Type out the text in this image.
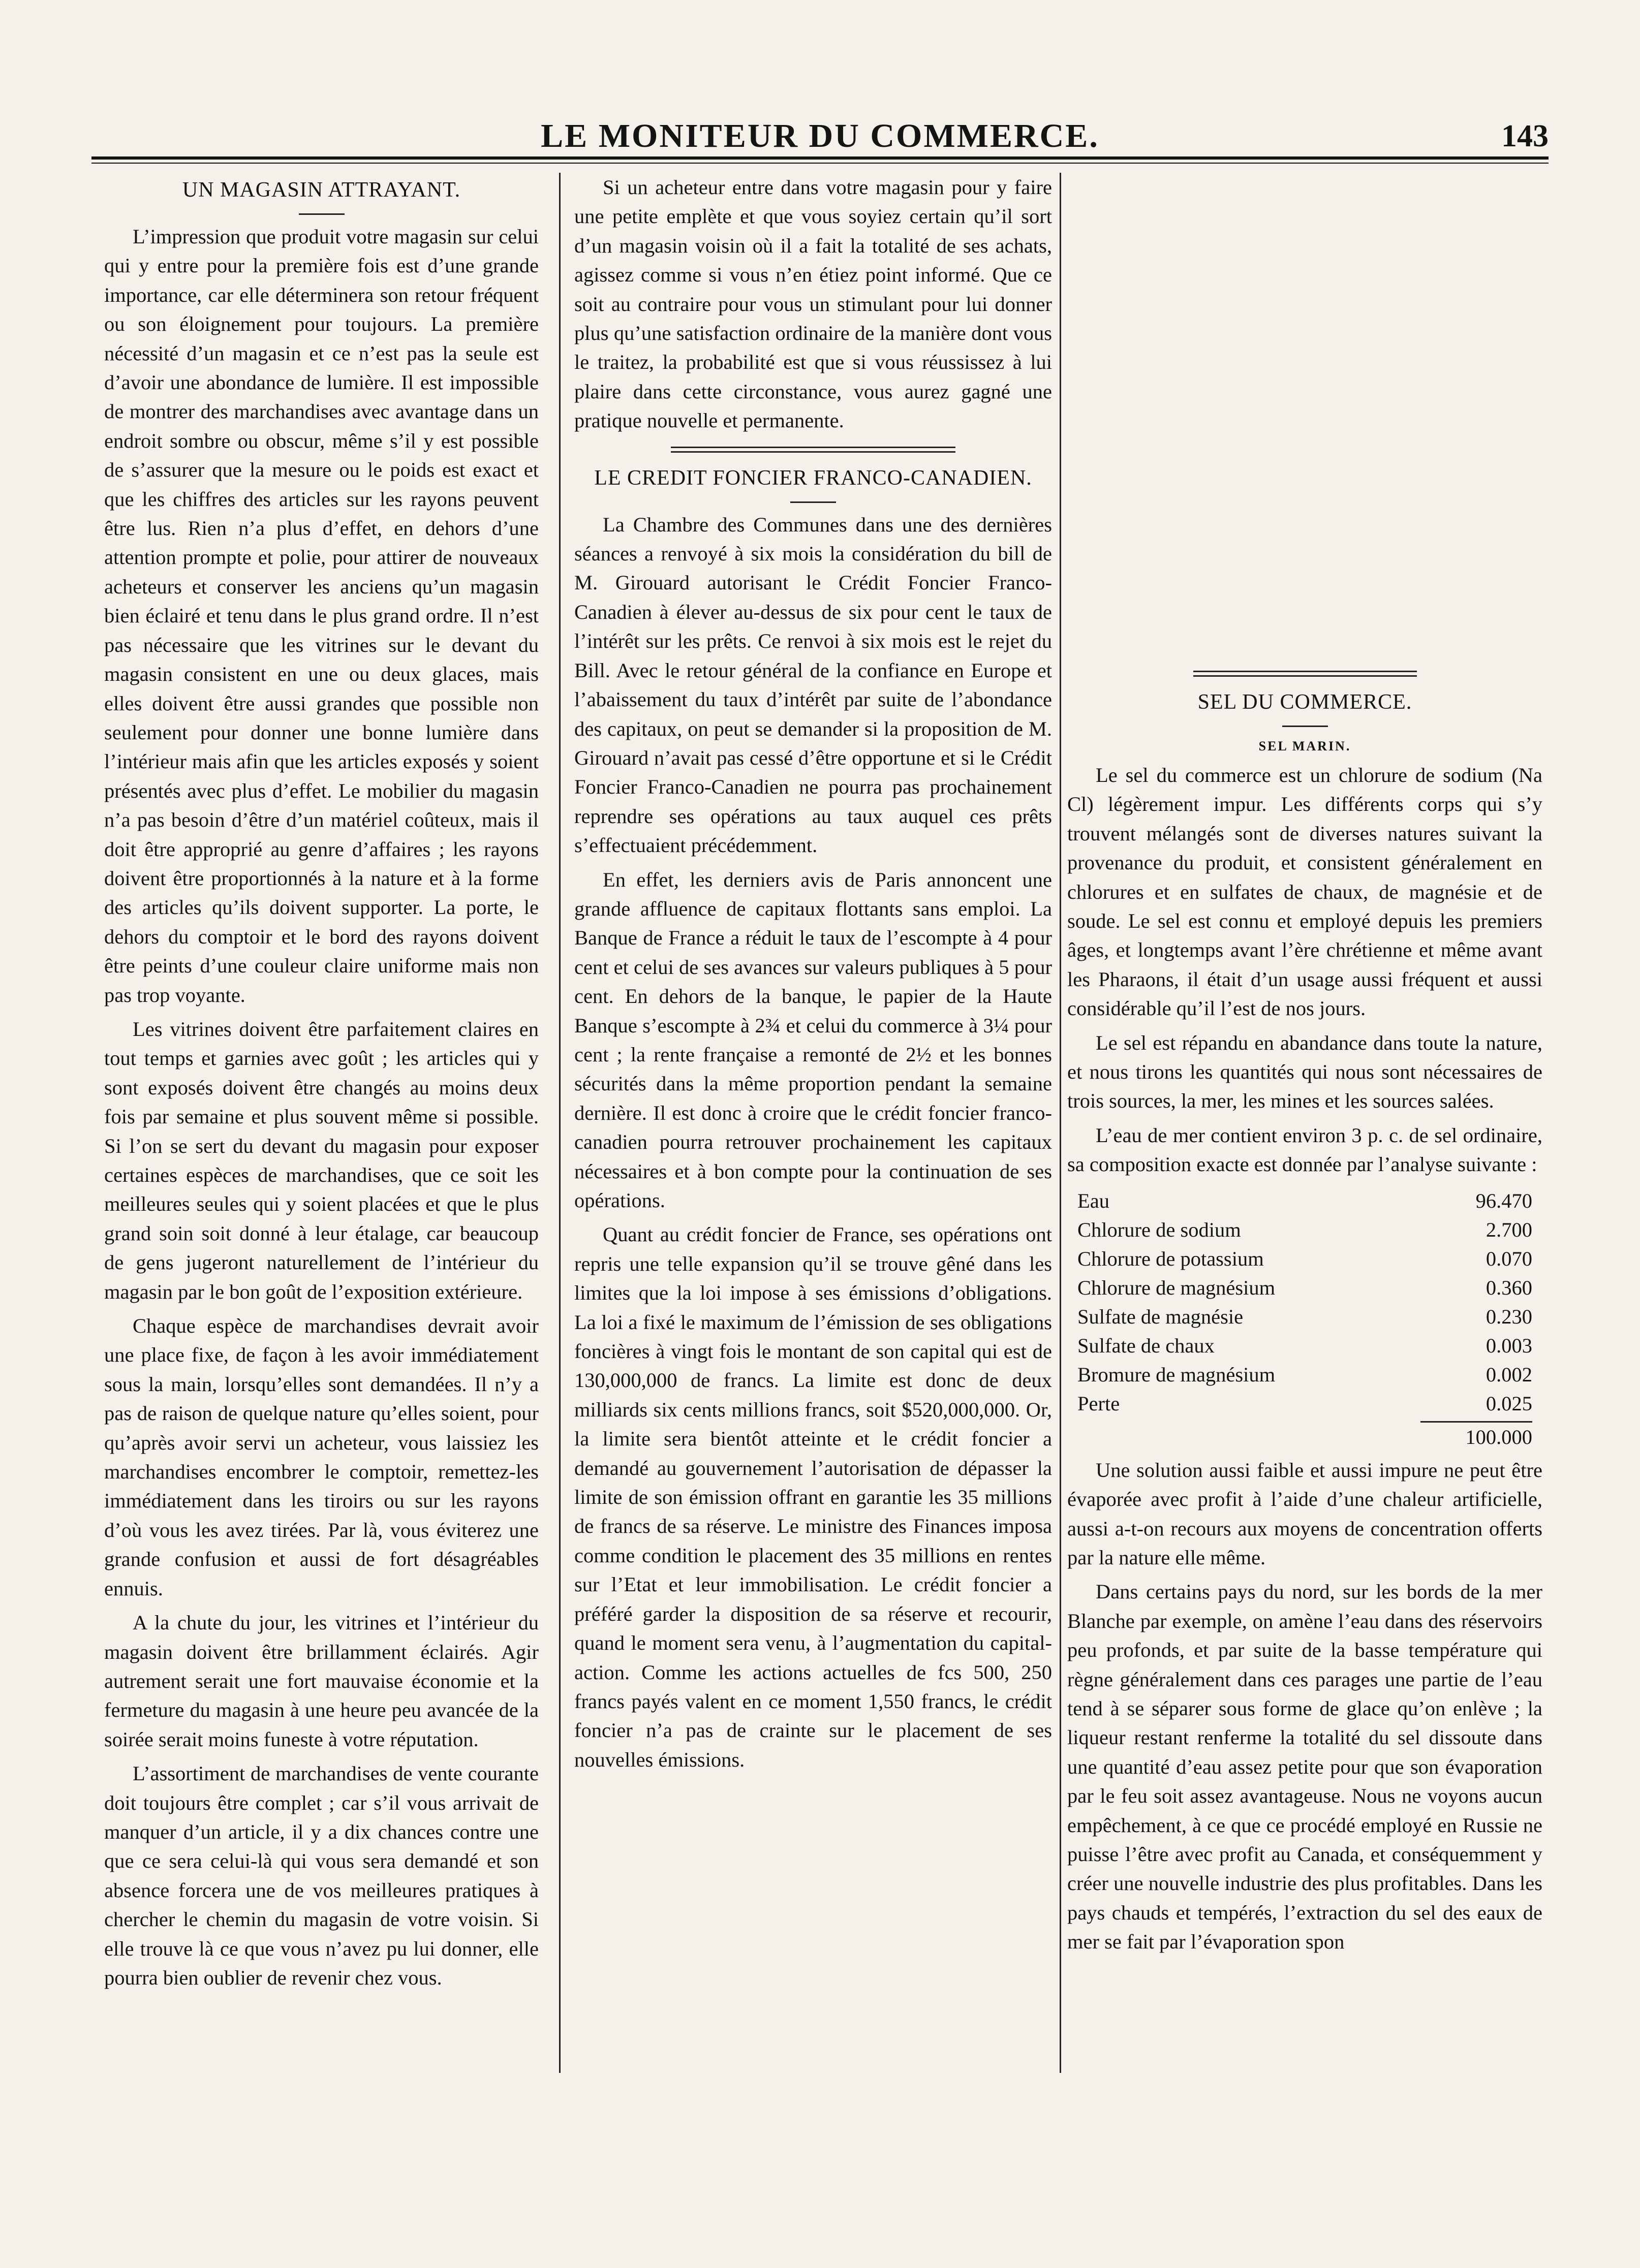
LE MONITEUR DU COMMERCE.	143
UN MAGASIN ATTRAYANT.

L’impression que produit votre magasin sur celui qui y entre pour la première fois est d’une grande importance, car elle déterminera son retour fréquent ou son éloignement pour toujours. La première nécessité d’un magasin et ce n’est pas la seule est d’avoir une abondance de lumière. Il est impossible de montrer des marchandises avec avantage dans un endroit sombre ou obscur, même s’il y est possible de s’assurer que la mesure ou le poids est exact et que les chiffres des articles sur les rayons peuvent être lus. Rien n’a plus d’effet, en dehors d’une attention prompte et polie, pour attirer de nouveaux acheteurs et conserver les anciens qu’un magasin bien éclairé et tenu dans le plus grand ordre. Il n’est pas nécessaire que les vitrines sur le devant du magasin consistent en une ou deux glaces, mais elles doivent être aussi grandes que possible non seulement pour donner une bonne lumière dans l’intérieur mais afin que les articles exposés y soient présentés avec plus d’effet. Le mobilier du magasin n’a pas besoin d’être d’un matériel coûteux, mais il doit être approprié au genre d’affaires ; les rayons doivent être proportionnés à la nature et à la forme des articles qu’ils doivent supporter. La porte, le dehors du comptoir et le bord des rayons doivent être peints d’une couleur claire uniforme mais non pas trop voyante.

Les vitrines doivent être parfaitement claires en tout temps et garnies avec goût ; les articles qui y sont exposés doivent être changés au moins deux fois par semaine et plus souvent même si possible. Si l’on se sert du devant du magasin pour exposer certaines espèces de marchandises, que ce soit les meilleures seules qui y soient placées et que le plus grand soin soit donné à leur étalage, car beaucoup de gens jugeront naturellement de l’intérieur du magasin par le bon goût de l’exposition extérieure.

Chaque espèce de marchandises devrait avoir une place fixe, de façon à les avoir immédiatement sous la main, lorsqu’elles sont demandées. Il n’y a pas de raison de quelque nature qu’elles soient, pour qu’après avoir servi un acheteur, vous laissiez les marchandises encombrer le comptoir, remettez-les immédiatement dans les tiroirs ou sur les rayons d’où vous les avez tirées. Par là, vous éviterez une grande confusion et aussi de fort désagréables ennuis.

A la chute du jour, les vitrines et l’intérieur du magasin doivent être brillamment éclairés. Agir autrement serait une fort mauvaise économie et la fermeture du magasin à une heure peu avancée de la soirée serait moins funeste à votre réputation.

L’assortiment de marchandises de vente courante doit toujours être complet ; car s’il vous arrivait de manquer d’un article, il y a dix chances contre une que ce sera celui-là qui vous sera demandé et son absence forcera une de vos meilleures pratiques à chercher le chemin du magasin de votre voisin. Si elle trouve là ce que vous n’avez pu lui donner, elle pourra bien oublier de revenir chez vous.

Si un acheteur entre dans votre magasin pour y faire une petite emplète et que vous soyiez certain qu’il sort d’un magasin voisin où il a fait la totalité de ses achats, agissez comme si vous n’en étiez point informé. Que ce soit au contraire pour vous un stimulant pour lui donner plus qu’une satisfaction ordinaire de la manière dont vous le traitez, la probabilité est que si vous réussissez à lui plaire dans cette circonstance, vous aurez gagné une pratique nouvelle et permanente.

LE CREDIT FONCIER FRANCO-CANADIEN.

La Chambre des Communes dans une des dernières séances a renvoyé à six mois la considération du bill de M. Girouard autorisant le Crédit Foncier Franco-Canadien à élever au-dessus de six pour cent le taux de l’intérêt sur les prêts. Ce renvoi à six mois est le rejet du Bill. Avec le retour général de la confiance en Europe et l’abaissement du taux d’intérêt par suite de l’abondance des capitaux, on peut se demander si la proposition de M. Girouard n’avait pas cessé d’être opportune et si le Crédit Foncier Franco-Canadien ne pourra pas prochainement reprendre ses opérations au taux auquel ces prêts s’effectuaient précédemment.

En effet, les derniers avis de Paris annoncent une grande affluence de capitaux flottants sans emploi. La Banque de France a réduit le taux de l’escompte à 4 pour cent et celui de ses avances sur valeurs publiques à 5 pour cent. En dehors de la banque, le papier de la Haute Banque s’escompte à 2¾ et celui du commerce à 3¼ pour cent ; la rente française a remonté de 2½ et les bonnes sécurités dans la même proportion pendant la semaine dernière. Il est donc à croire que le crédit foncier franco-canadien pourra retrouver prochainement les capitaux nécessaires et à bon compte pour la continuation de ses opérations.

Quant au crédit foncier de France, ses opérations ont repris une telle expansion qu’il se trouve gêné dans les limites que la loi impose à ses émissions d’obligations. La loi a fixé le maximum de l’émission de ses obligations foncières à vingt fois le montant de son capital qui est de 130,000,000 de francs. La limite est donc de deux milliards six cents millions francs, soit $520,000,000. Or, la limite sera bientôt atteinte et le crédit foncier a demandé au gouvernement l’autorisation de dépasser la limite de son émission offrant en garantie les 35 millions de francs de sa réserve. Le ministre des Finances imposa comme condition le placement des 35 millions en rentes sur l’Etat et leur immobilisation. Le crédit foncier a préféré garder la disposition de sa réserve et recourir, quand le moment sera venu, à l’augmentation du capital-action. Comme les actions actuelles de fcs 500, 250 francs payés valent en ce moment 1,550 francs, le crédit foncier n’a pas de crainte sur le placement de ses nouvelles émissions.

SEL DU COMMERCE.
SEL MARIN.

Le sel du commerce est un chlorure de sodium (Na Cl) légèrement impur. Les différents corps qui s’y trouvent mélangés sont de diverses natures suivant la provenance du produit, et consistent généralement en chlorures et en sulfates de chaux, de magnésie et de soude. Le sel est connu et employé depuis les premiers âges, et longtemps avant l’ère chrétienne et même avant les Pharaons, il était d’un usage aussi fréquent et aussi considérable qu’il l’est de nos jours.

Le sel est répandu en abandance dans toute la nature, et nous tirons les quantités qui nous sont nécessaires de trois sources, la mer, les mines et les sources salées.

L’eau de mer contient environ 3 p. c. de sel ordinaire, sa composition exacte est donnée par l’analyse suivante :

Eau	96.470
Chlorure de sodium	2.700
Chlorure de potassium	0.070
Chlorure de magnésium	0.360
Sulfate de magnésie	0.230
Sulfate de chaux	0.003
Bromure de magnésium	0.002
Perte	0.025
100.000

Une solution aussi faible et aussi impure ne peut être évaporée avec profit à l’aide d’une chaleur artificielle, aussi a-t-on recours aux moyens de concentration offerts par la nature elle même.

Dans certains pays du nord, sur les bords de la mer Blanche par exemple, on amène l’eau dans des réservoirs peu profonds, et par suite de la basse température qui règne généralement dans ces parages une partie de l’eau tend à se séparer sous forme de glace qu’on enlève ; la liqueur restant renferme la totalité du sel dissoute dans une quantité d’eau assez petite pour que son évaporation par le feu soit assez avantageuse. Nous ne voyons aucun empêchement, à ce que ce procédé employé en Russie ne puisse l’être avec profit au Canada, et conséquemment y créer une nouvelle industrie des plus profitables. Dans les pays chauds et tempérés, l’extraction du sel des eaux de mer se fait par l’évaporation spon
